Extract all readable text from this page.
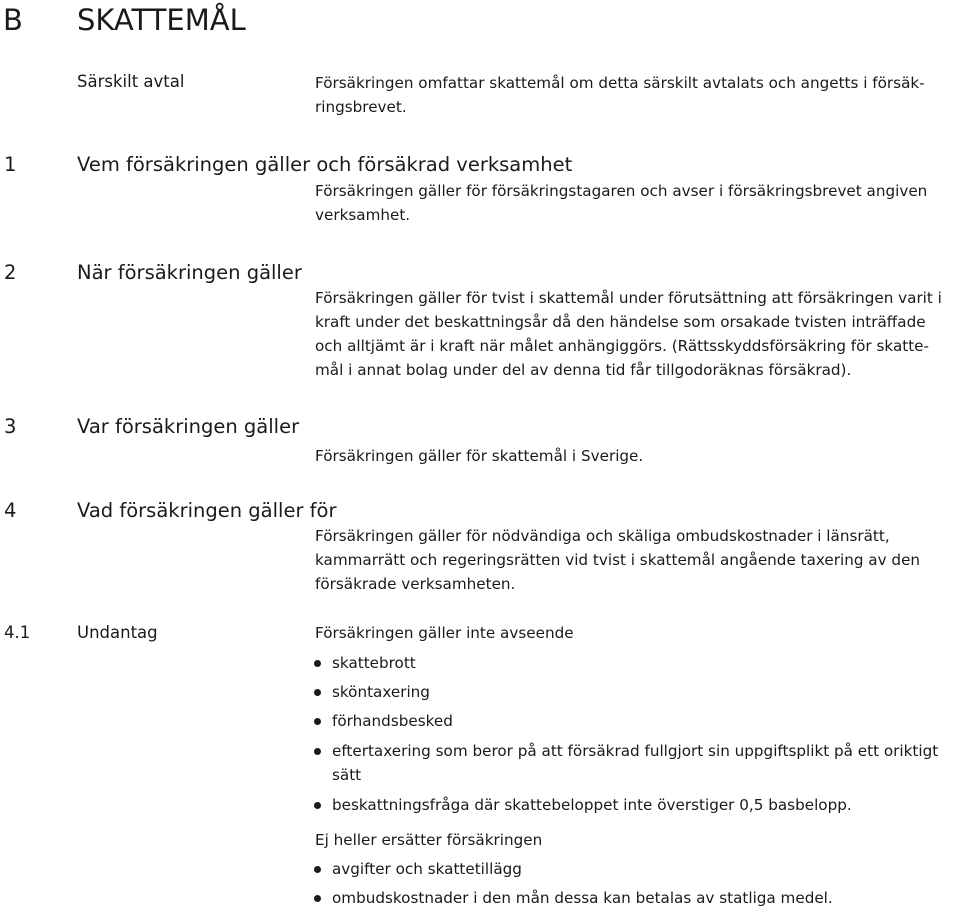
B SKATTEMÅL
Särskilt avtal	Försäkringen omfattar skattemål om detta särskilt avtalats och angetts i försäk-
ringsbrevet.
1	Vem försäkringen gäller och försäkrad verksamhet
Försäkringen gäller för försäkringstagaren och avser i försäkringsbrevet angiven
verksamhet.
2	När försäkringen gäller
Försäkringen gäller för tvist i skattemål under förutsättning att försäkringen varit i
kraft under det beskattningsår då den händelse som orsakade tvisten inträffade
och alltjämt är i kraft när målet anhängiggörs. (Rättsskyddsförsäkring för skatte-
mål i annat bolag under del av denna tid får tillgodoräknas försäkrad).
3	Var försäkringen gäller
Försäkringen gäller för skattemål i Sverige.
4	Vad försäkringen gäller för
Försäkringen gäller för nödvändiga och skäliga ombudskostnader i länsrätt,
kammarrätt och regeringsrätten vid tvist i skattemål angående taxering av den
försäkrade verksamheten.
4.1	Undantag	Försäkringen gäller inte avseende
skattebrott
sköntaxering
förhandsbesked
eftertaxering som beror på att försäkrad fullgjort sin uppgiftsplikt på ett oriktigt
sätt
beskattningsfråga där skattebeloppet inte överstiger 0,5 basbelopp.
Ej heller ersätter försäkringen
avgifter och skattetillägg
ombudskostnader i den mån dessa kan betalas av statliga medel.
